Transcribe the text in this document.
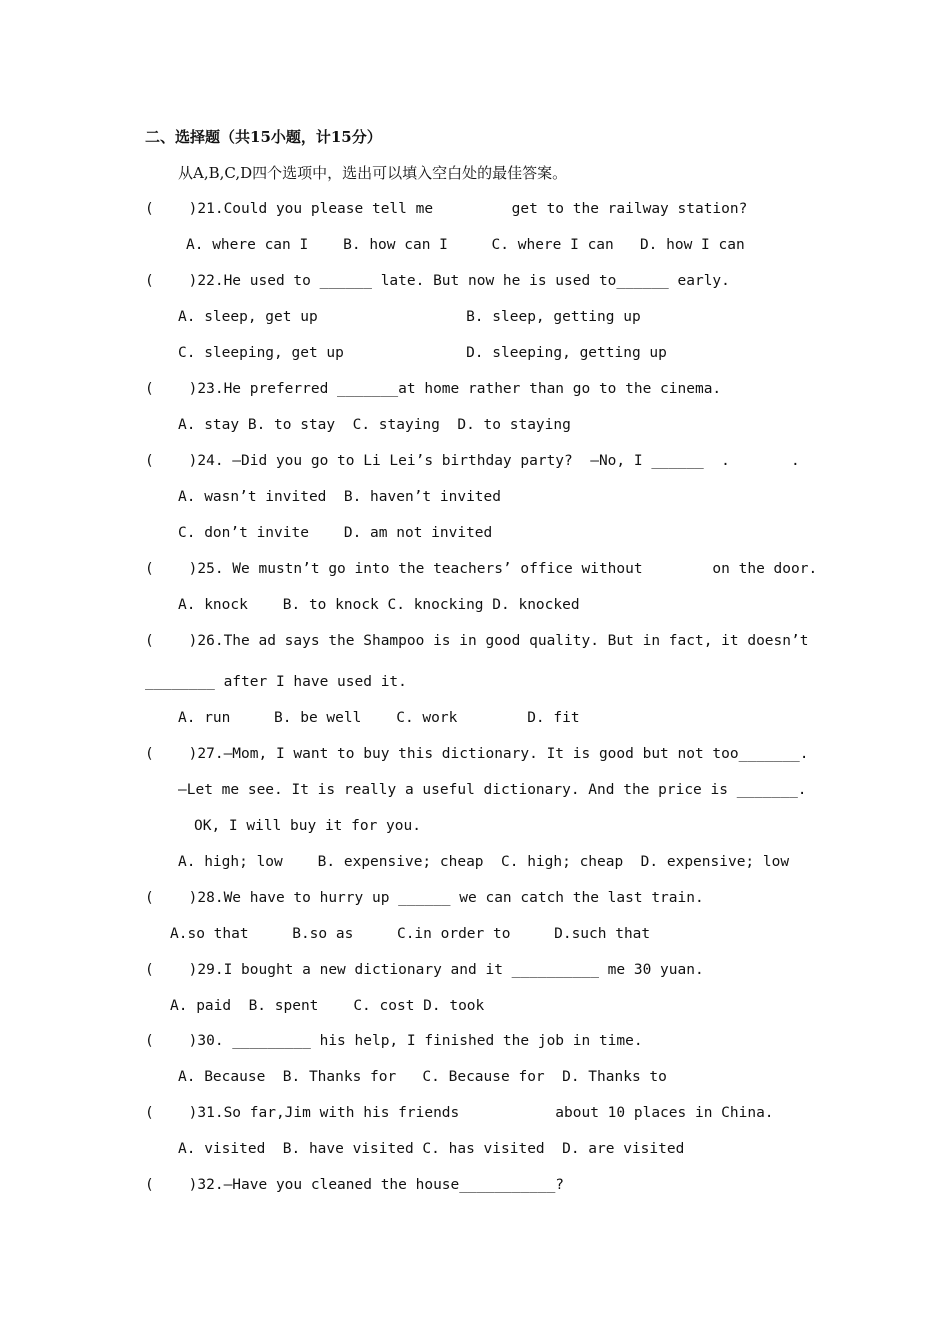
二、选择题（共15小题，计15分）
从A,B,C,D四个选项中，选出可以填入空白处的最佳答案。
(    )21.Could you please tell me         get to the railway station?
A. where can I    B. how can I     C. where I can   D. how I can
(    )22.He used to ______ late. But now he is used to______ early.
A. sleep, get up                 B. sleep, getting up
C. sleeping, get up              D. sleeping, getting up
(    )23.He preferred _______at home rather than go to the cinema.
A. stay B. to stay  C. staying  D. to staying
(    )24. —Did you go to Li Lei’s birthday party?  —No, I ______  .       .
A. wasn’t invited  B. haven’t invited
C. don’t invite    D. am not invited
(    )25. We mustn’t go into the teachers’ office without        on the door.
A. knock    B. to knock C. knocking D. knocked
(    )26.The ad says the Shampoo is in good quality. But in fact, it doesn’t
________ after I have used it.
A. run     B. be well    C. work        D. fit
(    )27.—Mom, I want to buy this dictionary. It is good but not too_______.
—Let me see. It is really a useful dictionary. And the price is _______.
OK, I will buy it for you.
A. high; low    B. expensive; cheap  C. high; cheap  D. expensive; low
(    )28.We have to hurry up ______ we can catch the last train.
A.so that     B.so as     C.in order to     D.such that
(    )29.I bought a new dictionary and it __________ me 30 yuan.
A. paid  B. spent    C. cost D. took
(    )30. _________ his help, I finished the job in time.
A. Because  B. Thanks for   C. Because for  D. Thanks to
(    )31.So far,Jim with his friends           about 10 places in China.
A. visited  B. have visited C. has visited  D. are visited
(    )32.—Have you cleaned the house___________?
